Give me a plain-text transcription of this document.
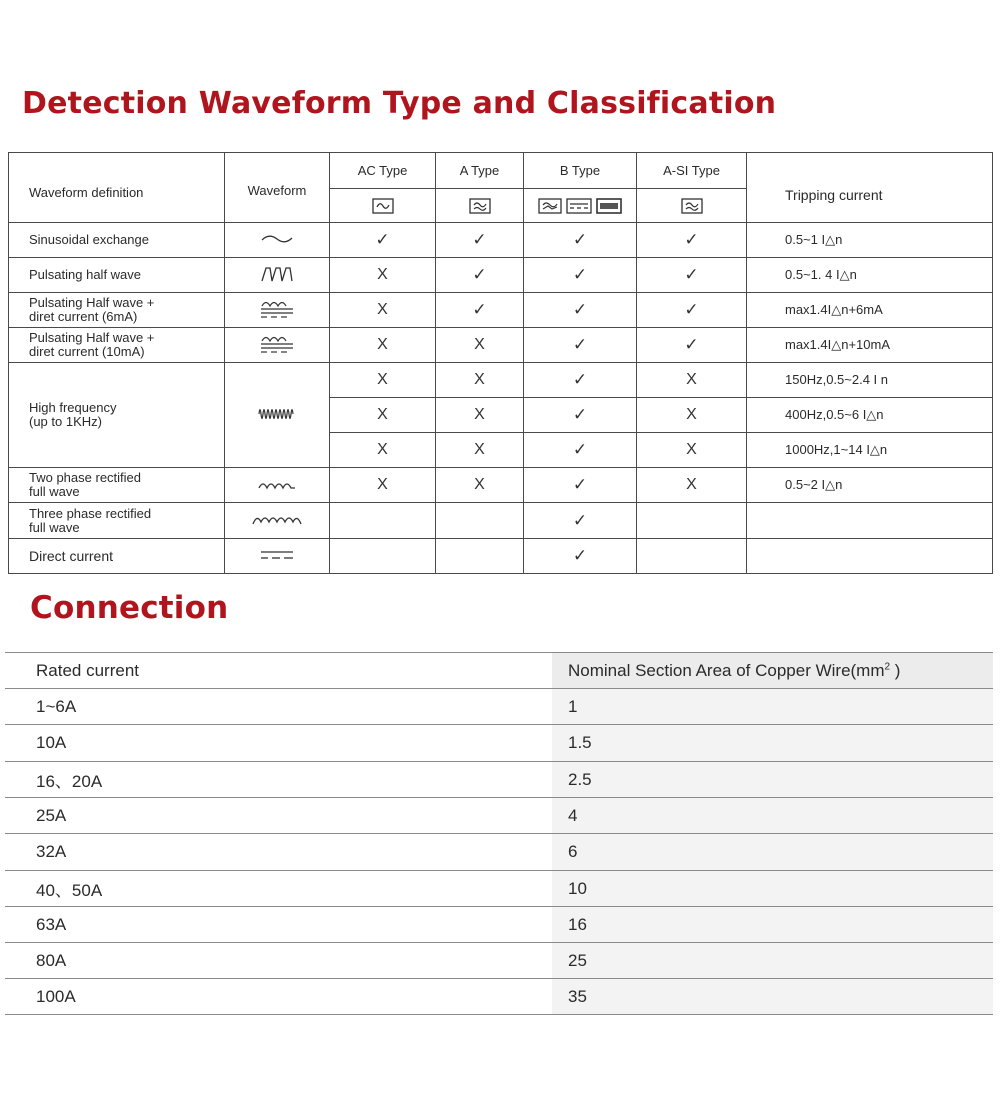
Detection Waveform Type and Classification
Waveform definition	Waveform	AC Type	A Type	B Type	A-SI Type	Tripping current

Sinusoidal exchange		✓	✓	✓	✓	0.5~1 I△n
Pulsating half wave		X	✓	✓	✓	0.5~1. 4 I△n

Pulsating Half wave +
diret current (6mA)		X	✓	✓	✓	max1.4I△n+6mA

Pulsating Half wave +
diret current (10mA)		X	X	✓	✓	max1.4I△n+10mA

High frequency
(up to 1KHz)		X	X	✓	X	150Hz,0.5~2.4 I n
		X	X	✓	X	400Hz,0.5~6 I△n
		X	X	✓	X	1000Hz,1~14 I△n

Two phase rectified
full wave		X	X	✓	X	0.5~2 I△n

Three phase rectified
full wave				✓		
Direct current				✓		
Connection
Rated current	Nominal Section Area of Copper $Wire(mm^2$ )
1~6A	1
10A	1.5
16、20A	2.5
25A	4
32A	6
40、50A	10
63A	16
80A	25
100A	35
